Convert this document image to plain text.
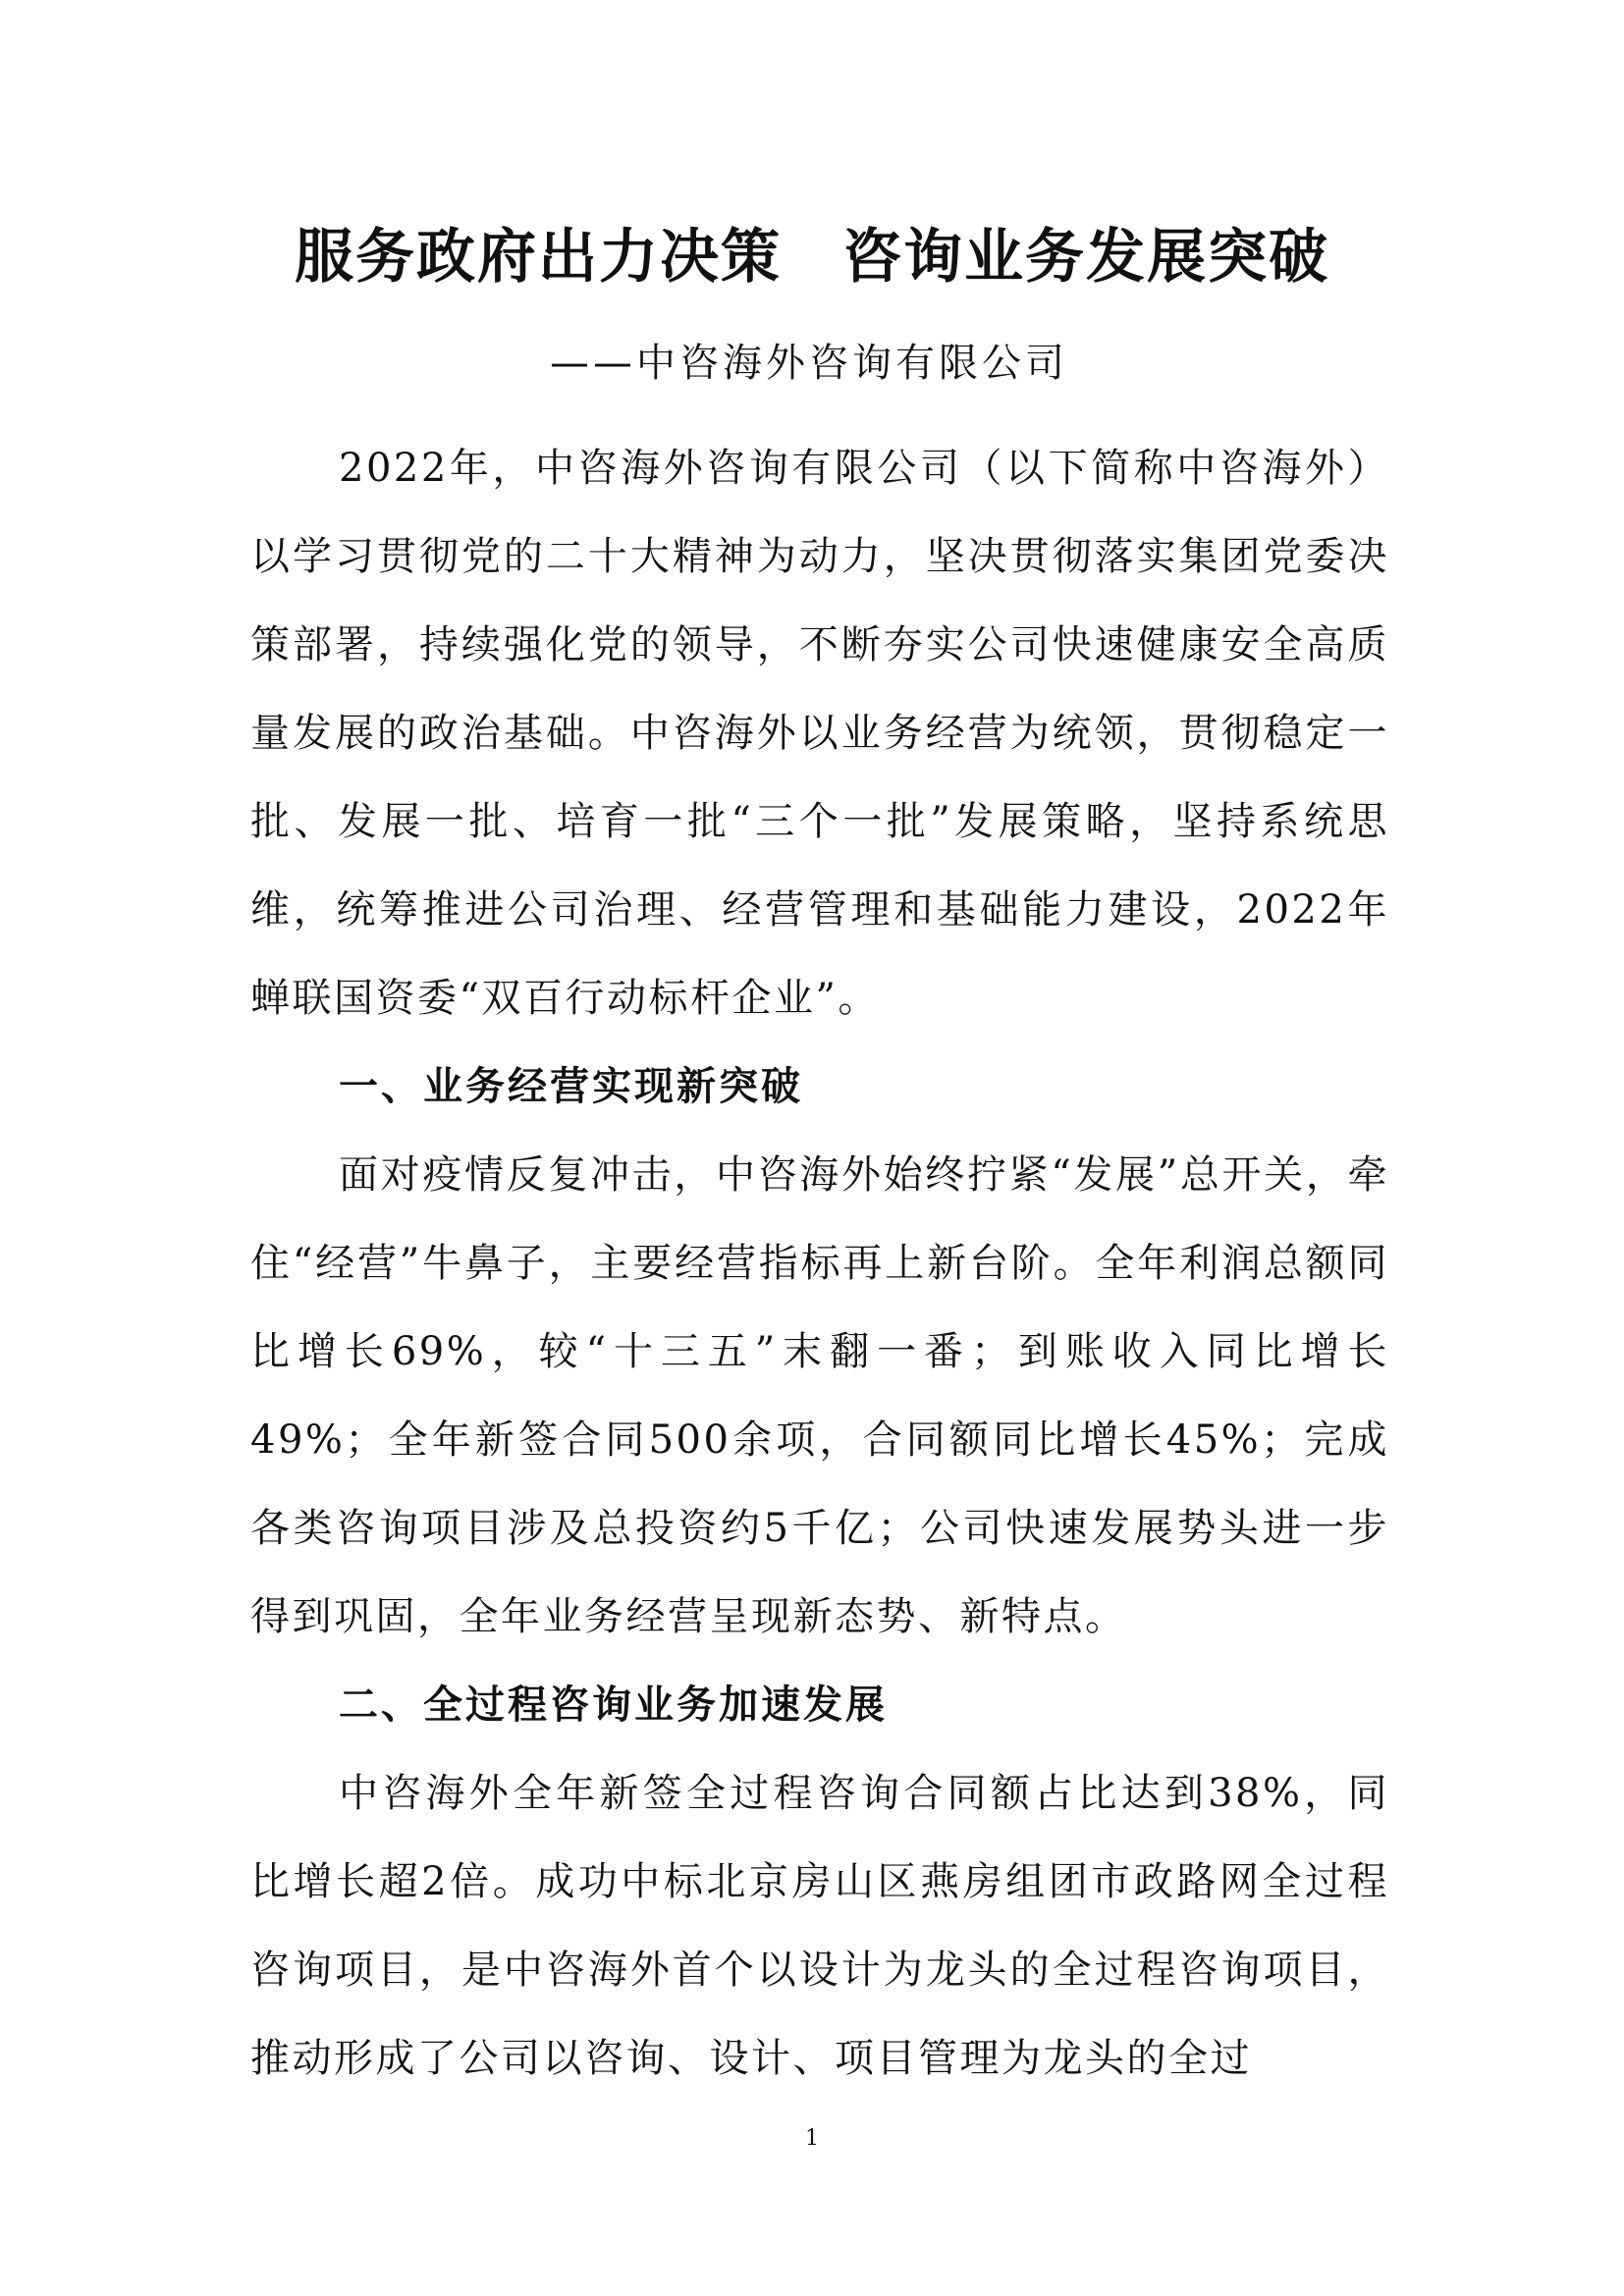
服务政府出力决策　咨询业务发展突破
——中咨海外咨询有限公司

2022年，中咨海外咨询有限公司（以下简称中咨海外）以学习贯彻党的二十大精神为动力，坚决贯彻落实集团党委决策部署，持续强化党的领导，不断夯实公司快速健康安全高质量发展的政治基础。中咨海外以业务经营为统领，贯彻稳定一批、发展一批、培育一批“三个一批”发展策略，坚持系统思维，统筹推进公司治理、经营管理和基础能力建设，2022年蝉联国资委“双百行动标杆企业”。

一、业务经营实现新突破

面对疫情反复冲击，中咨海外始终拧紧“发展”总开关，牵住“经营”牛鼻子，主要经营指标再上新台阶。全年利润总额同比增长69%，较“十三五”末翻一番；到账收入同比增长49%；全年新签合同500余项，合同额同比增长45%；完成各类咨询项目涉及总投资约5千亿；公司快速发展势头进一步得到巩固，全年业务经营呈现新态势、新特点。

二、全过程咨询业务加速发展

中咨海外全年新签全过程咨询合同额占比达到38%，同比增长超2倍。成功中标北京房山区燕房组团市政路网全过程咨询项目，是中咨海外首个以设计为龙头的全过程咨询项目，推动形成了公司以咨询、设计、项目管理为龙头的全过

1
